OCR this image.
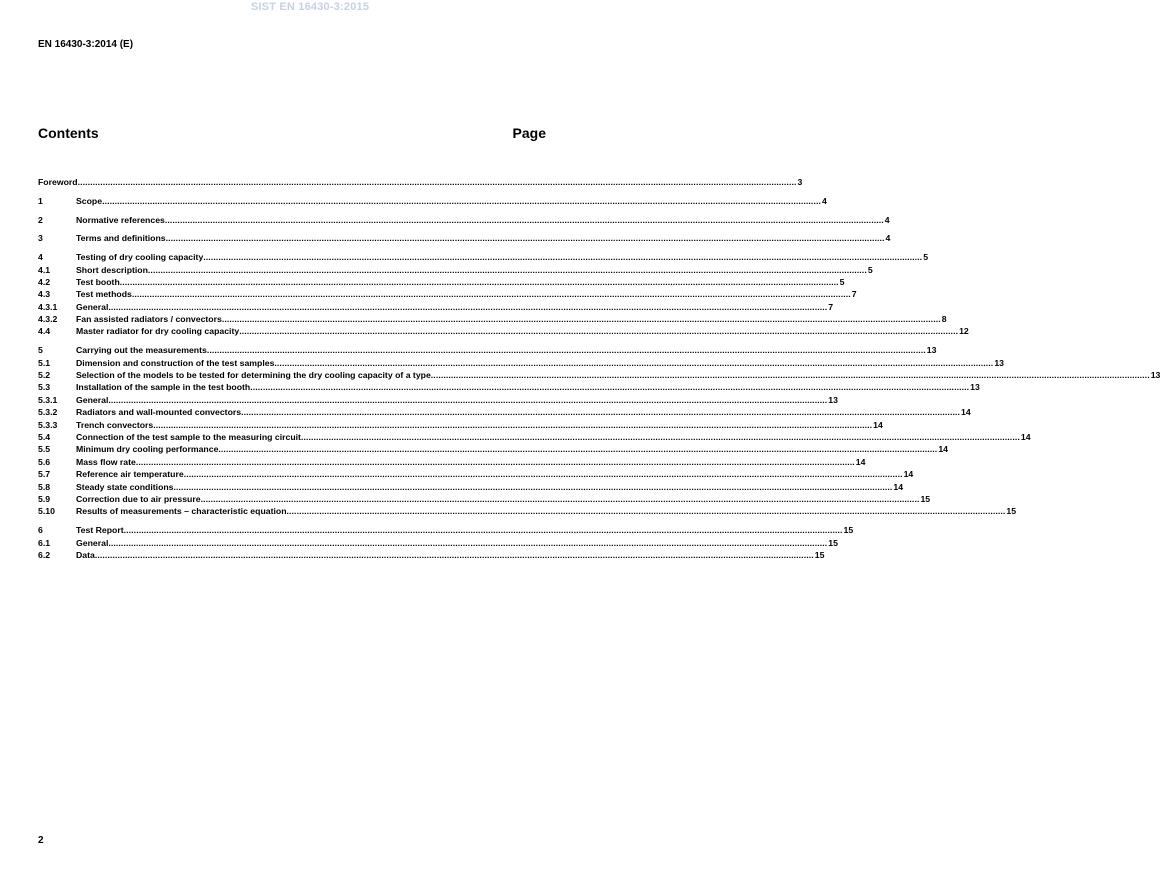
SIST EN 16430-3:2015
EN 16430-3:2014 (E)
Contents	Page
Foreword .............................................................................................................................................................................................................................................................................................. 3
1	Scope .............................................................................................................................................................................................................................................................................................. 4
2	Normative references .............................................................................................................................................................................................................................................................................................. 4
3	Terms and definitions .............................................................................................................................................................................................................................................................................................. 4
4	Testing of dry cooling capacity .............................................................................................................................................................................................................................................................................................. 5
4.1	Short description .............................................................................................................................................................................................................................................................................................. 5
4.2	Test booth .............................................................................................................................................................................................................................................................................................. 5
4.3	Test methods .............................................................................................................................................................................................................................................................................................. 7
4.3.1 General .............................................................................................................................................................................................................................................................................................. 7
4.3.2 Fan assisted radiators / convectors .............................................................................................................................................................................................................................................................................................. 8
4.4	Master radiator for dry cooling capacity .............................................................................................................................................................................................................................................................................................. 12
5	Carrying out the measurements .............................................................................................................................................................................................................................................................................................. 13
5.1	Dimension and construction of the test samples .............................................................................................................................................................................................................................................................................................. 13
5.2	Selection of the models to be tested for determining the dry cooling capacity of a type .............................................................................................................................................................................................................................................................................................. 13
5.3	Installation of the sample in the test booth .............................................................................................................................................................................................................................................................................................. 13
5.3.1 General .............................................................................................................................................................................................................................................................................................. 13
5.3.2 Radiators and wall-mounted convectors .............................................................................................................................................................................................................................................................................................. 14
5.3.3 Trench convectors .............................................................................................................................................................................................................................................................................................. 14
5.4	Connection of the test sample to the measuring circuit .............................................................................................................................................................................................................................................................................................. 14
5.5	Minimum dry cooling performance .............................................................................................................................................................................................................................................................................................. 14
5.6	Mass flow rate .............................................................................................................................................................................................................................................................................................. 14
5.7	Reference air temperature .............................................................................................................................................................................................................................................................................................. 14
5.8	Steady state conditions .............................................................................................................................................................................................................................................................................................. 14
5.9	Correction due to air pressure .............................................................................................................................................................................................................................................................................................. 15
5.10 Results of measurements – characteristic equation .............................................................................................................................................................................................................................................................................................. 15
6	Test Report .............................................................................................................................................................................................................................................................................................. 15
6.1	General .............................................................................................................................................................................................................................................................................................. 15
6.2	Data .............................................................................................................................................................................................................................................................................................. 15
2
